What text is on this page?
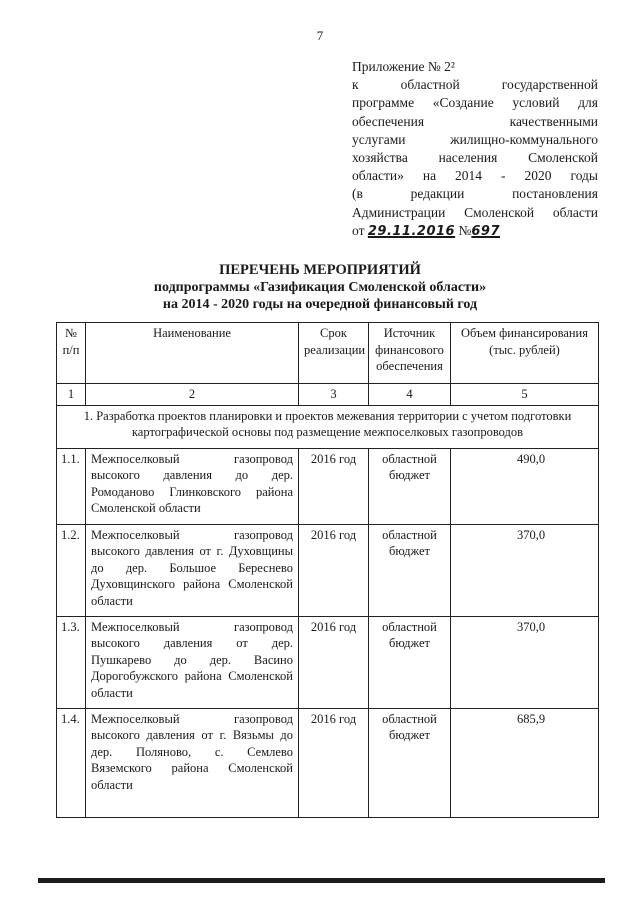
7
Приложение № 2²
к областной государственной
программе «Создание условий для
обеспечения качественными
услугами жилищно-коммунального
хозяйства населения Смоленской
области» на 2014 - 2020 годы
(в редакции постановления
Администрации Смоленской области
от 29.11.2016 №697
ПЕРЕЧЕНЬ МЕРОПРИЯТИЙ
подпрограммы «Газификация Смоленской области»
на 2014 - 2020 годы на очередной финансовый год
№ п/п	Наименование	Срок реализации	Источник финансового обеспечения	Объем финансирования (тыс. рублей)
1	2	3	4	5
1. Разработка проектов планировки и проектов межевания территории с учетом подготовки картографической основы под размещение межпоселковых газопроводов				
1.1.	Межпоселковый газопровод высокого давления до дер. Ромоданово Глинковского района Смоленской области	2016 год	областной бюджет	490,0
1.2.	Межпоселковый газопровод высокого давления от г. Духовщины до дер. Большое Береснево Духовщинского района Смоленской области	2016 год	областной бюджет	370,0
1.3.	Межпоселковый газопровод высокого давления от дер. Пушкарево до дер. Васино Дорогобужского района Смоленской области	2016 год	областной бюджет	370,0
1.4.	Межпоселковый газопровод высокого давления от г. Вязьмы до дер. Поляново, с. Семлево Вяземского района Смоленской области	2016 год	областной бюджет	685,9
